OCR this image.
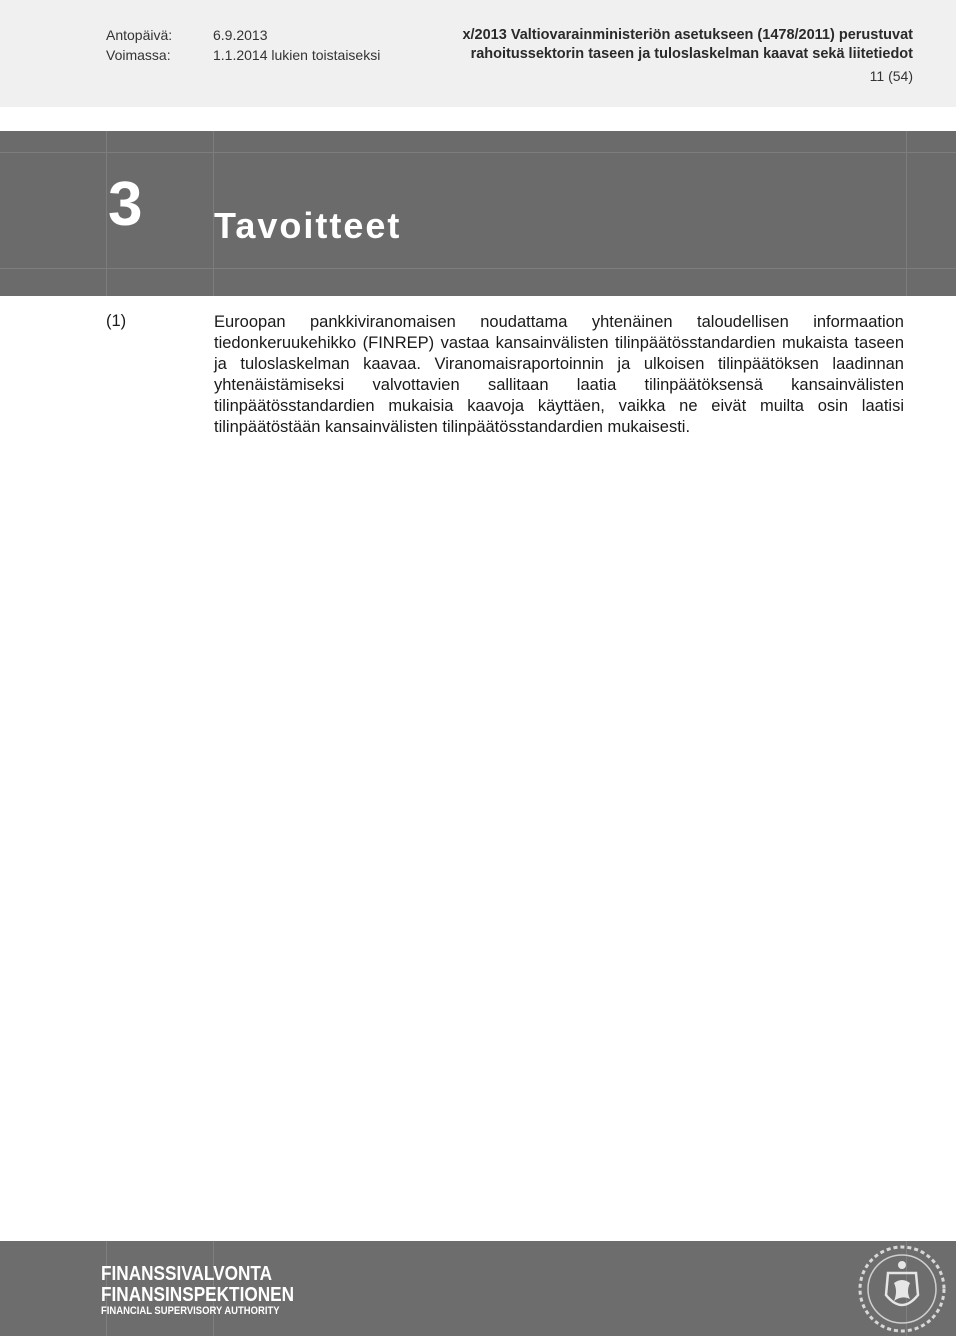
Antopäivä:	6.9.2013
Voimassa:	1.1.2014 lukien toistaiseksi
x/2013 Valtiovarainministeriön asetukseen (1478/2011) perustuvat
rahoitussektorin taseen ja tuloslaskelman kaavat sekä liitetiedot
11 (54)
3 Tavoitteet
(1)	Euroopan pankkiviranomaisen noudattama yhtenäinen taloudellisen informaation tiedonkeruukehikko (FINREP) vastaa kansainvälisten tilinpäätösstandardien mukaista taseen ja tuloslaskelman kaavaa. Viranomaisraportoinnin ja ulkoisen tilinpäätöksen laadinnan yhtenäistämiseksi valvottavien sallitaan laatia tilinpäätöksensä kansainvälisten tilinpäätösstandardien mukaisia kaavoja käyttäen, vaikka ne eivät muilta osin laatisi tilinpäätöstään kansainvälisten tilinpäätösstandardien mukaisesti.
FINANSSIVALVONTA
FINANSINSPEKTIONEN
FINANCIAL SUPERVISORY AUTHORITY
